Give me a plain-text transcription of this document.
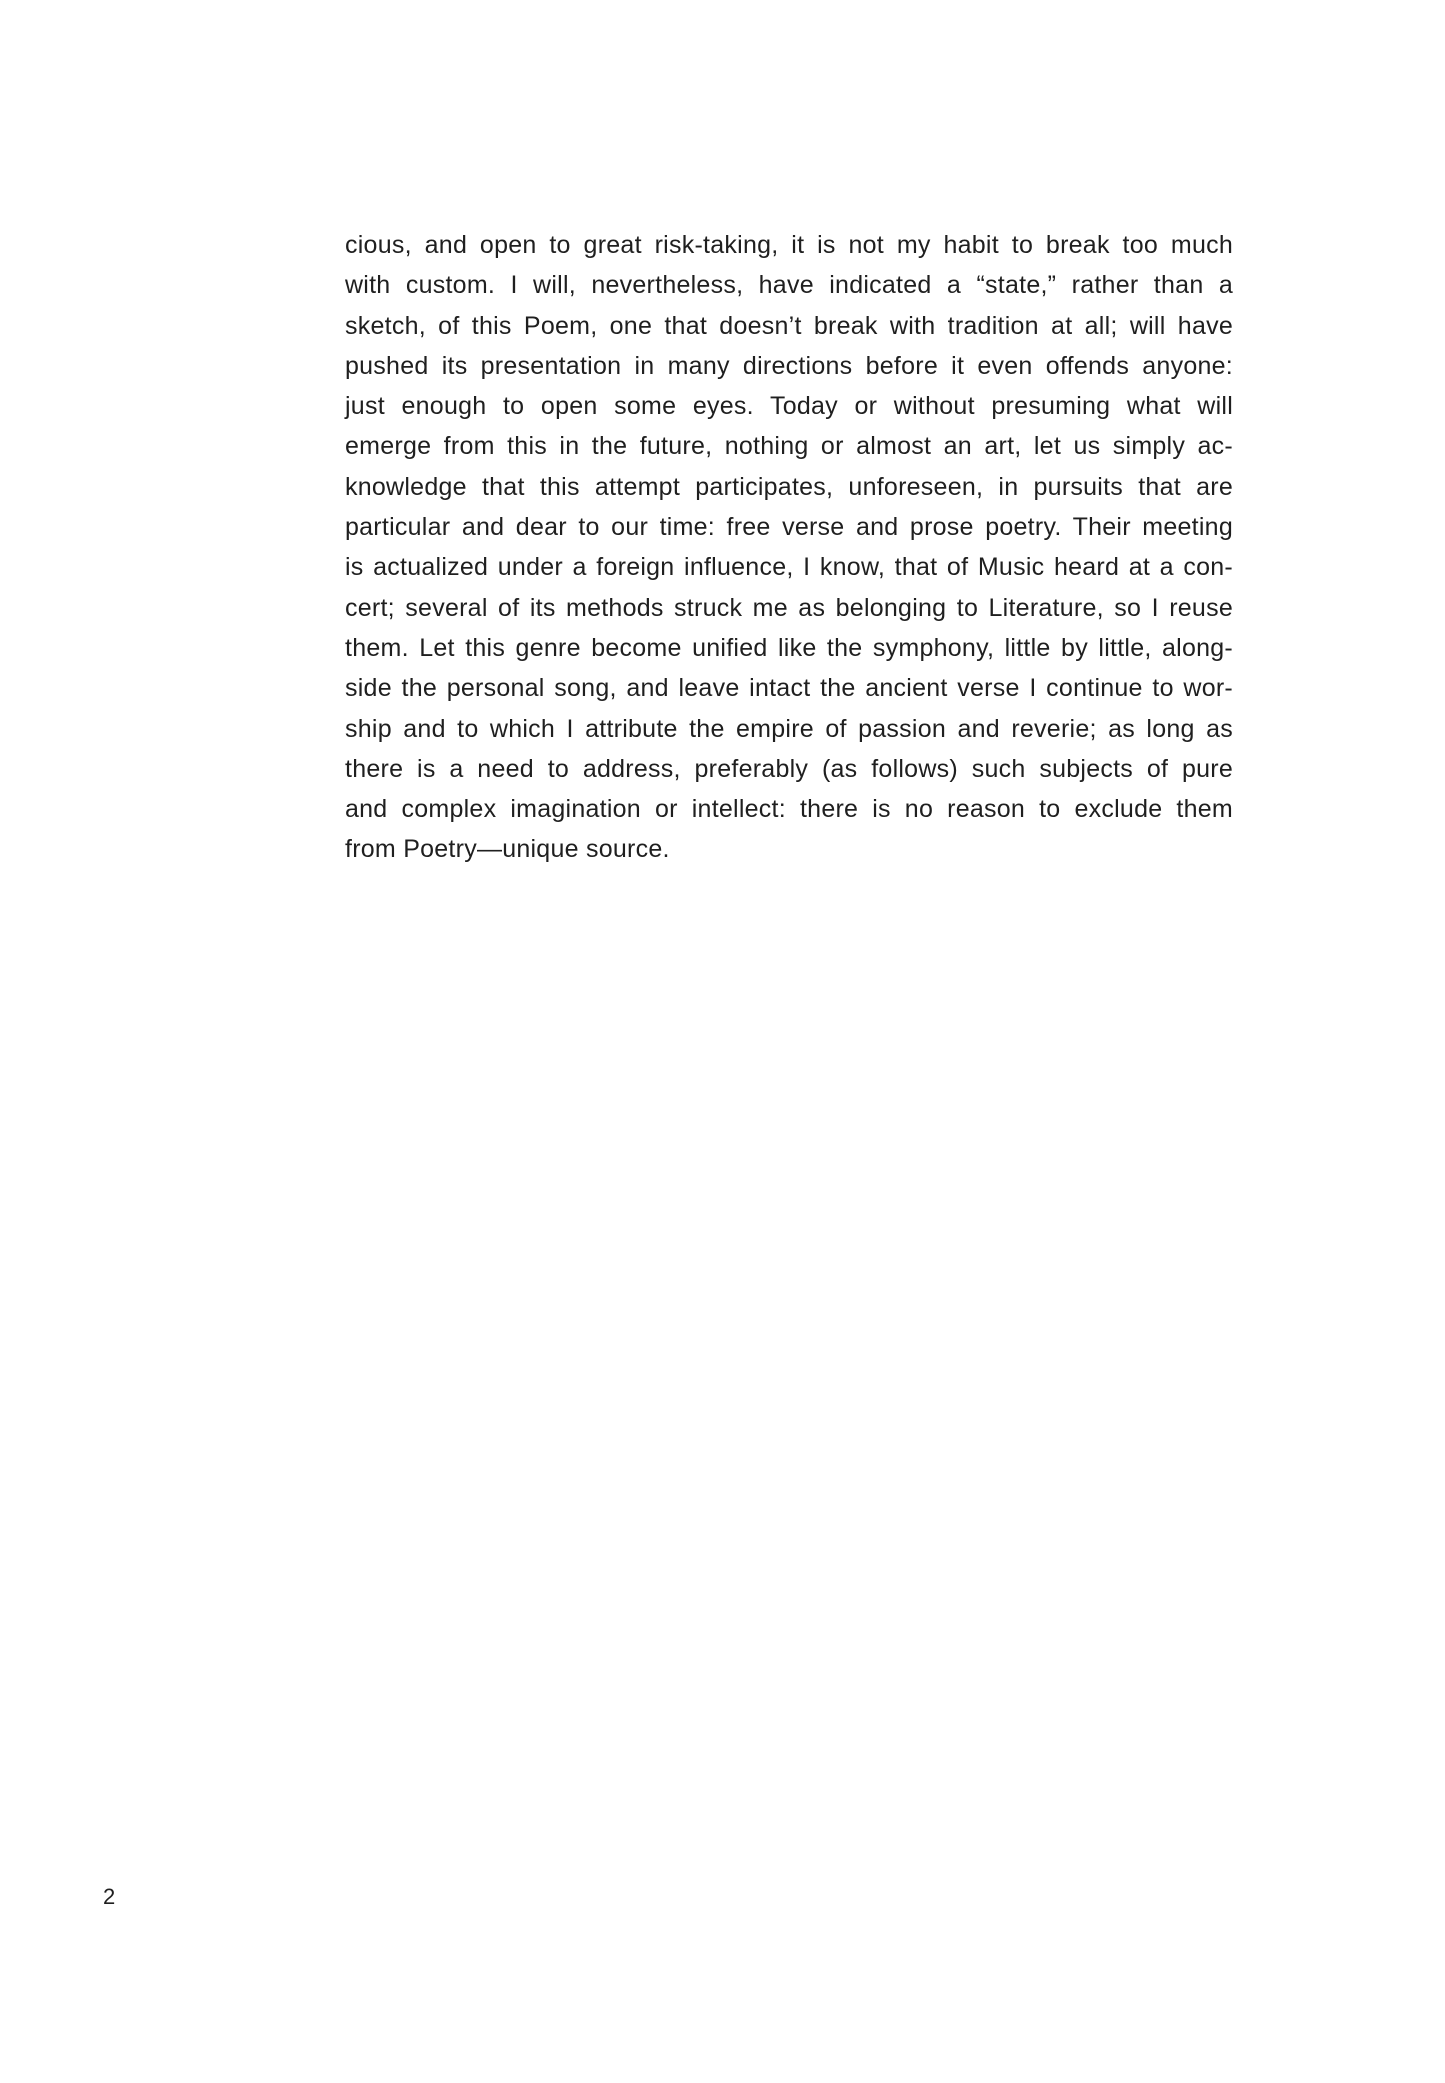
cious, and open to great risk-taking, it is not my habit to break too much
with custom. I will, nevertheless, have indicated a “state,” rather than a
sketch, of this Poem, one that doesn’t break with tradition at all; will have
pushed its presentation in many directions before it even offends anyone:
just enough to open some eyes. Today or without presuming what will
emerge from this in the future, nothing or almost an art, let us simply ac-
knowledge that this attempt participates, unforeseen, in pursuits that are
particular and dear to our time: free verse and prose poetry. Their meeting
is actualized under a foreign influence, I know, that of Music heard at a con-
cert; several of its methods struck me as belonging to Literature, so I reuse
them. Let this genre become unified like the symphony, little by little, along-
side the personal song, and leave intact the ancient verse I continue to wor-
ship and to which I attribute the empire of passion and reverie; as long as
there is a need to address, preferably (as follows) such subjects of pure
and complex imagination or intellect: there is no reason to exclude them
from Poetry—unique source.
2
